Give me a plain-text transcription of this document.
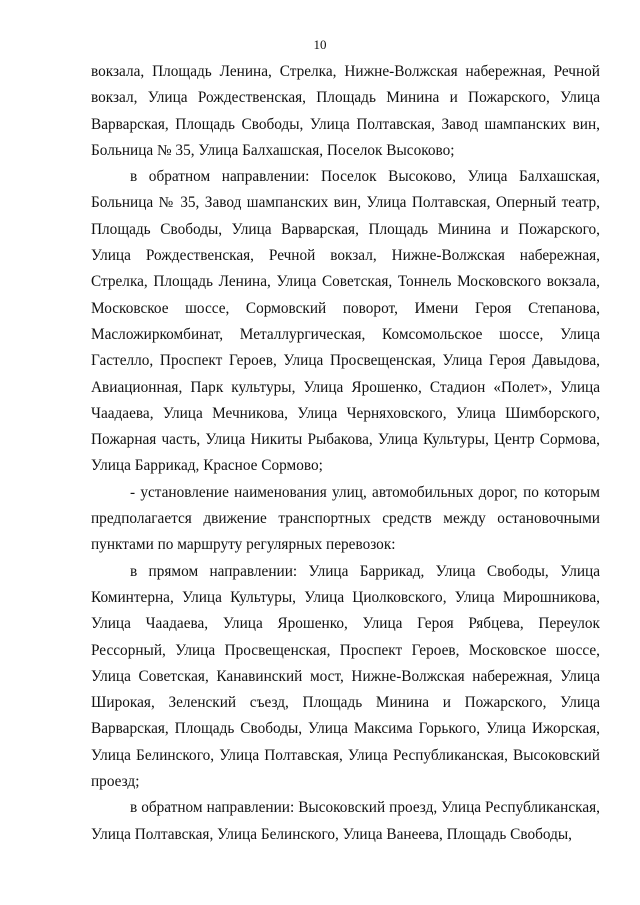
10

вокзала, Площадь Ленина, Стрелка, Нижне-Волжская набережная, Речной вокзал, Улица Рождественская, Площадь Минина и Пожарского, Улица Варварская, Площадь Свободы, Улица Полтавская, Завод шампанских вин, Больница № 35, Улица Балхашская, Поселок Высоково;

в обратном направлении: Поселок Высоково, Улица Балхашская, Больница № 35, Завод шампанских вин, Улица Полтавская, Оперный театр, Площадь Свободы, Улица Варварская, Площадь Минина и Пожарского, Улица Рождественская, Речной вокзал, Нижне-Волжская набережная, Стрелка, Площадь Ленина, Улица Советская, Тоннель Московского вокзала, Московское шоссе, Сормовский поворот, Имени Героя Степанова, Масложиркомбинат, Металлургическая, Комсомольское шоссе, Улица Гастелло, Проспект Героев, Улица Просвещенская, Улица Героя Давыдова, Авиационная, Парк культуры, Улица Ярошенко, Стадион «Полет», Улица Чаадаева, Улица Мечникова, Улица Черняховского, Улица Шимборского, Пожарная часть, Улица Никиты Рыбакова, Улица Культуры, Центр Сормова, Улица Баррикад, Красное Сормово;

- установление наименования улиц, автомобильных дорог, по которым предполагается движение транспортных средств между остановочными пунктами по маршруту регулярных перевозок:

в прямом направлении: Улица Баррикад, Улица Свободы, Улица Коминтерна, Улица Культуры, Улица Циолковского, Улица Мирошникова, Улица Чаадаева, Улица Ярошенко, Улица Героя Рябцева, Переулок Рессорный, Улица Просвещенская, Проспект Героев, Московское шоссе, Улица Советская, Канавинский мост, Нижне-Волжская набережная, Улица Широкая, Зеленский съезд, Площадь Минина и Пожарского, Улица Варварская, Площадь Свободы, Улица Максима Горького, Улица Ижорская, Улица Белинского, Улица Полтавская, Улица Республиканская, Высоковский проезд;

в обратном направлении: Высоковский проезд, Улица Республиканская, Улица Полтавская, Улица Белинского, Улица Ванеева, Площадь Свободы,
